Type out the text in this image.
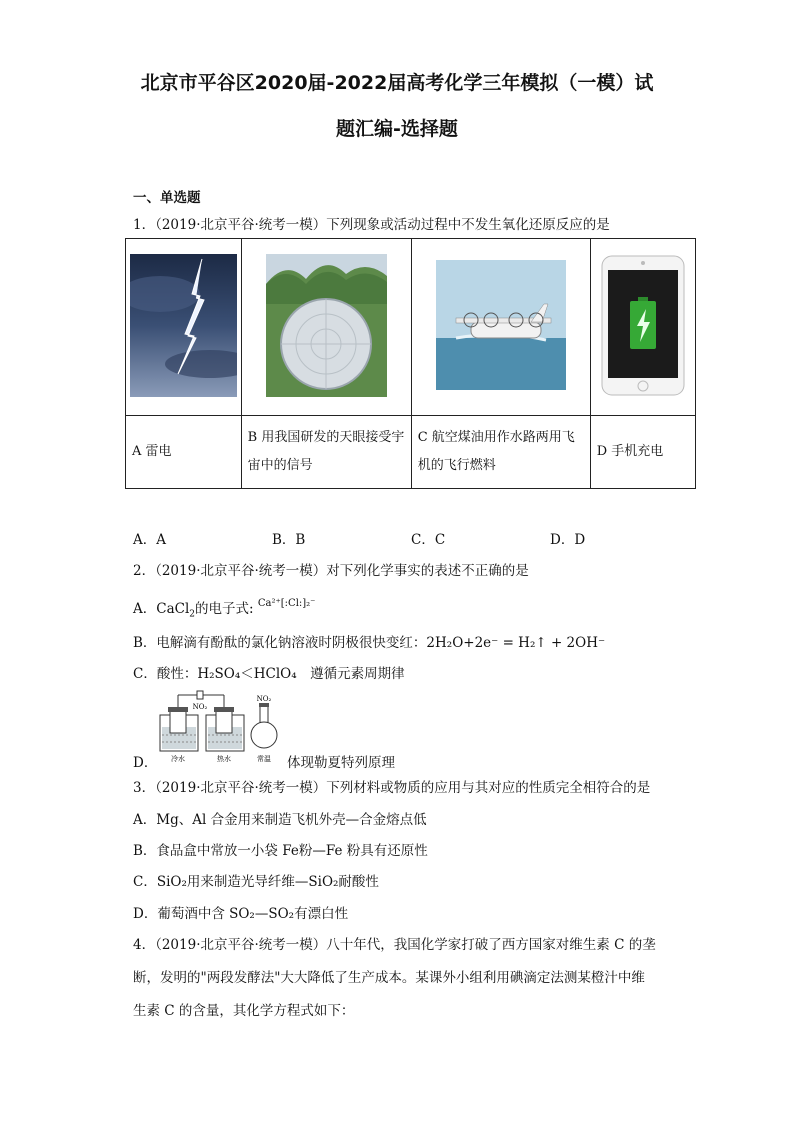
北京市平谷区2020届-2022届高考化学三年模拟（一模）试
题汇编-选择题
一、单选题
1．（2019·北京平谷·统考一模）下列现象或活动过程中不发生氧化还原反应的是

A 雷电	B 用我国研发的天眼接受宇宙中的信号	C 航空煤油用作水路两用飞机的飞行燃料	D 手机充电
A．A	B．B	C．C	D．D
2．（2019·北京平谷·统考一模）对下列化学事实的表述不正确的是
A．CaCl$_2$的电子式: $^{Ca^{2+}[:Cl:]_2^-}$
B．电解滴有酚酞的氯化钠溶液时阴极很快变红：2H₂O+2e⁻ = H₂↑ + 2OH⁻
C．酸性：H₂SO₄＜HClO₄　遵循元素周期律
NO₂
NO₂
冷水	热水	常温
D．	体现勒夏特列原理
3．（2019·北京平谷·统考一模）下列材料或物质的应用与其对应的性质完全相符合的是
A．Mg、Al 合金用来制造飞机外壳—合金熔点低
B．食品盒中常放一小袋 Fe粉—Fe 粉具有还原性
C．SiO₂用来制造光导纤维—SiO₂耐酸性
D．葡萄酒中含 SO₂—SO₂有漂白性
4．（2019·北京平谷·统考一模）八十年代，我国化学家打破了西方国家对维生素 C 的垄
断，发明的"两段发酵法"大大降低了生产成本。某课外小组利用碘滴定法测某橙汁中维
生素 C 的含量，其化学方程式如下：
